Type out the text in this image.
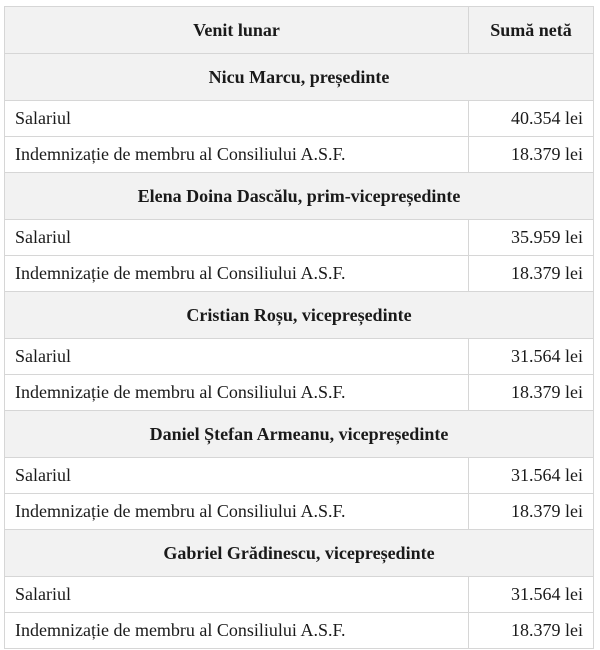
Venit lunar	Sumă netă
Nicu Marcu, președinte	
Salariul	40.354 lei
Indemnizație de membru al Consiliului A.S.F.	18.379 lei
Elena Doina Dascălu, prim-vicepreședinte	
Salariul	35.959 lei
Indemnizație de membru al Consiliului A.S.F.	18.379 lei
Cristian Roșu, vicepreședinte	
Salariul	31.564 lei
Indemnizație de membru al Consiliului A.S.F.	18.379 lei
Daniel Ștefan Armeanu, vicepreședinte	
Salariul	31.564 lei
Indemnizație de membru al Consiliului A.S.F.	18.379 lei
Gabriel Grădinescu, vicepreședinte	
Salariul	31.564 lei
Indemnizație de membru al Consiliului A.S.F.	18.379 lei
